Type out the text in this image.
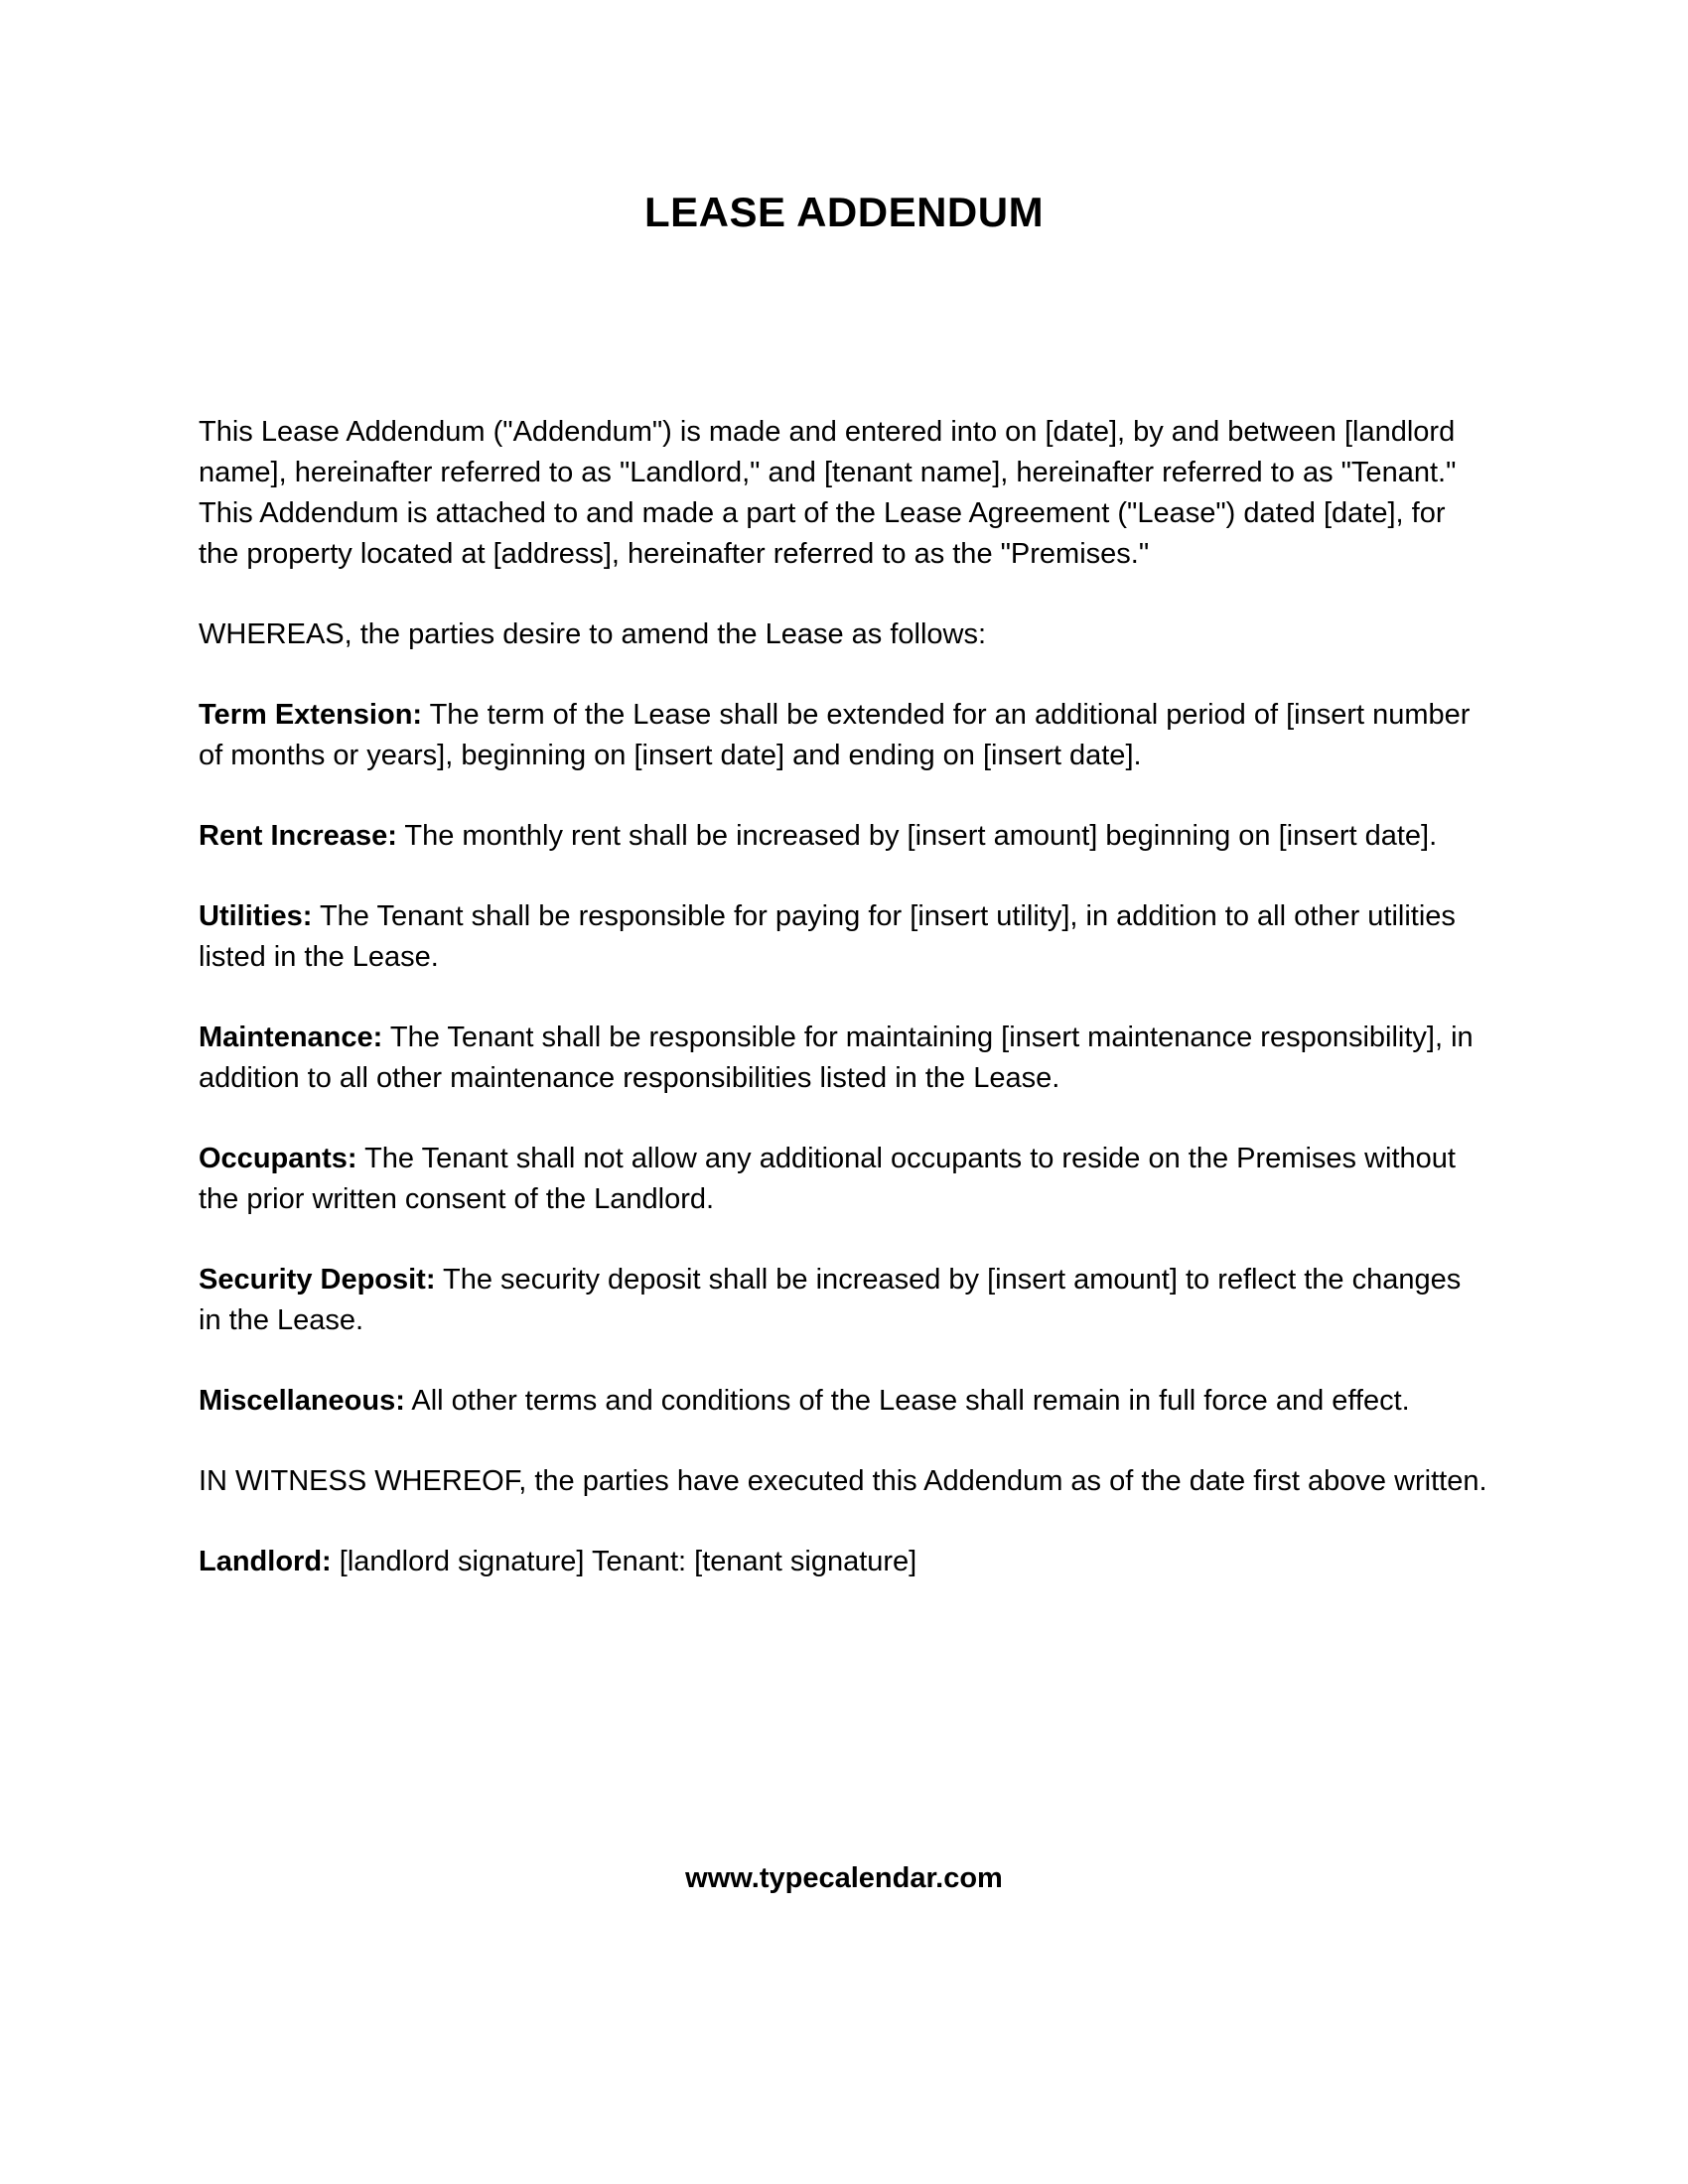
LEASE ADDENDUM

This Lease Addendum ("Addendum") is made and entered into on [date], by and between [landlord name], hereinafter referred to as "Landlord," and [tenant name], hereinafter referred to as "Tenant." This Addendum is attached to and made a part of the Lease Agreement ("Lease") dated [date], for the property located at [address], hereinafter referred to as the "Premises."

WHEREAS, the parties desire to amend the Lease as follows:

Term Extension: The term of the Lease shall be extended for an additional period of [insert number of months or years], beginning on [insert date] and ending on [insert date].

Rent Increase: The monthly rent shall be increased by [insert amount] beginning on [insert date].

Utilities: The Tenant shall be responsible for paying for [insert utility], in addition to all other utilities listed in the Lease.

Maintenance: The Tenant shall be responsible for maintaining [insert maintenance responsibility], in addition to all other maintenance responsibilities listed in the Lease.

Occupants: The Tenant shall not allow any additional occupants to reside on the Premises without the prior written consent of the Landlord.

Security Deposit: The security deposit shall be increased by [insert amount] to reflect the changes in the Lease.

Miscellaneous: All other terms and conditions of the Lease shall remain in full force and effect.

IN WITNESS WHEREOF, the parties have executed this Addendum as of the date first above written.

Landlord: [landlord signature] Tenant: [tenant signature]

www.typecalendar.com
